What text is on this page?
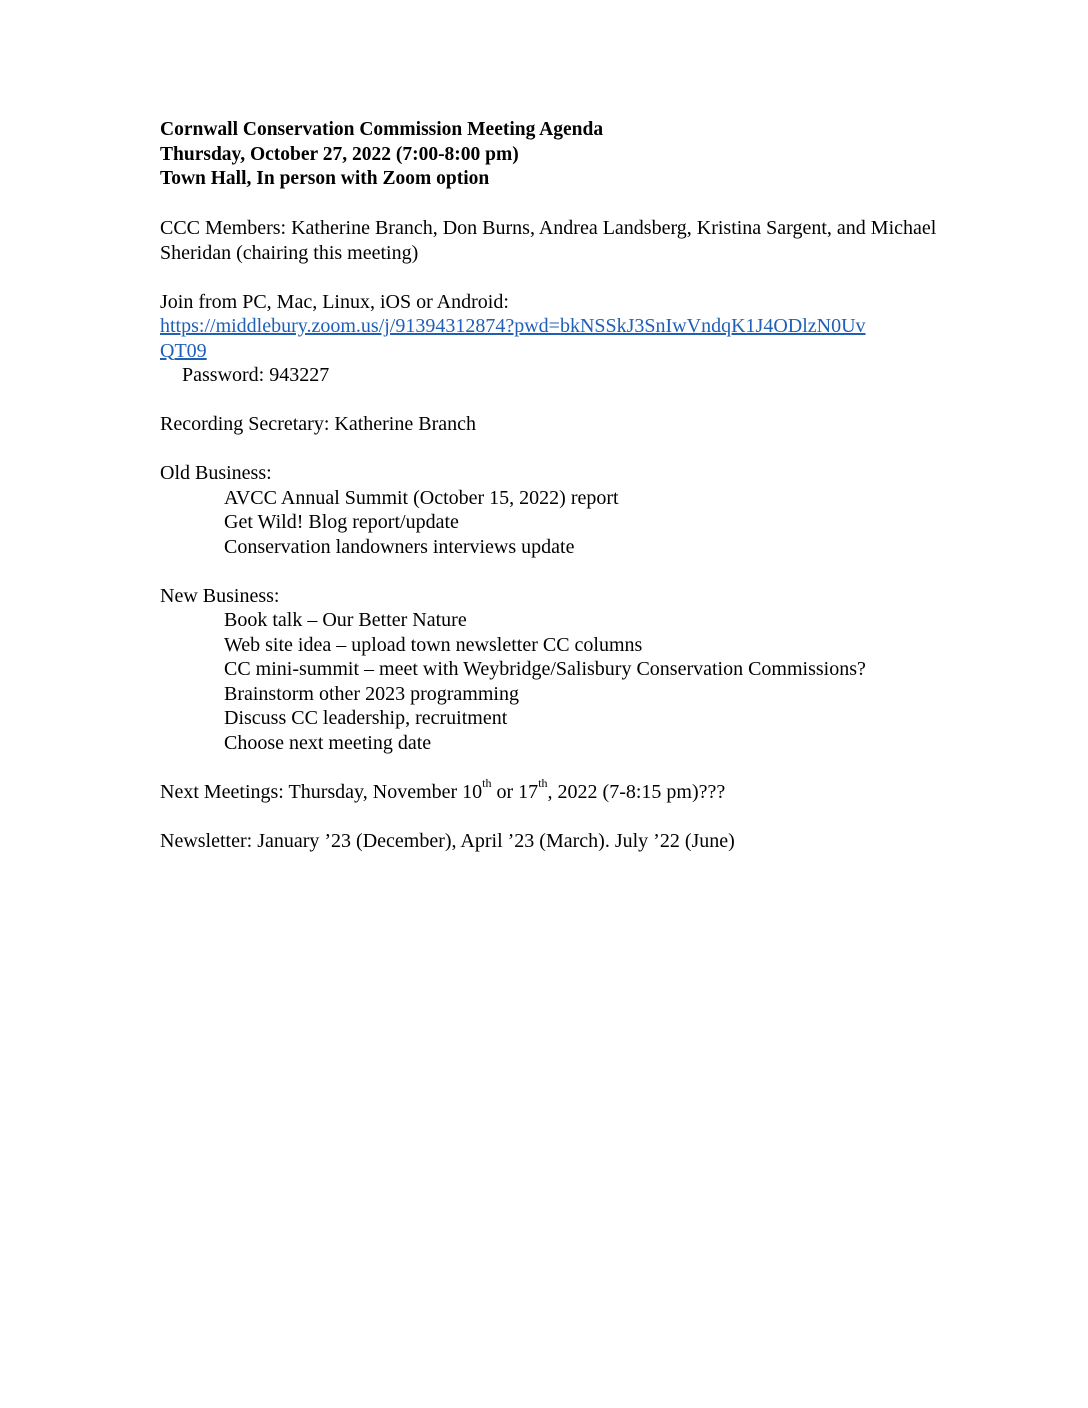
Cornwall Conservation Commission Meeting Agenda
Thursday, October 27, 2022 (7:00-8:00 pm)
Town Hall, In person with Zoom option
CCC Members: Katherine Branch, Don Burns, Andrea Landsberg, Kristina Sargent, and Michael Sheridan (chairing this meeting)
Join from PC, Mac, Linux, iOS or Android:
https://middlebury.zoom.us/j/91394312874?pwd=bkNSSkJ3SnIwVndqK1J4ODlzN0Uv
QT09
Password: 943227
Recording Secretary: Katherine Branch
Old Business:
AVCC Annual Summit (October 15, 2022) report
Get Wild! Blog report/update
Conservation landowners interviews update
New Business:
Book talk – Our Better Nature
Web site idea – upload town newsletter CC columns
CC mini-summit – meet with Weybridge/Salisbury Conservation Commissions?
Brainstorm other 2023 programming
Discuss CC leadership, recruitment
Choose next meeting date
Next Meetings: Thursday, November 10th or 17th, 2022 (7-8:15 pm)???
Newsletter: January ’23 (December), April ’23 (March). July ’22 (June)
